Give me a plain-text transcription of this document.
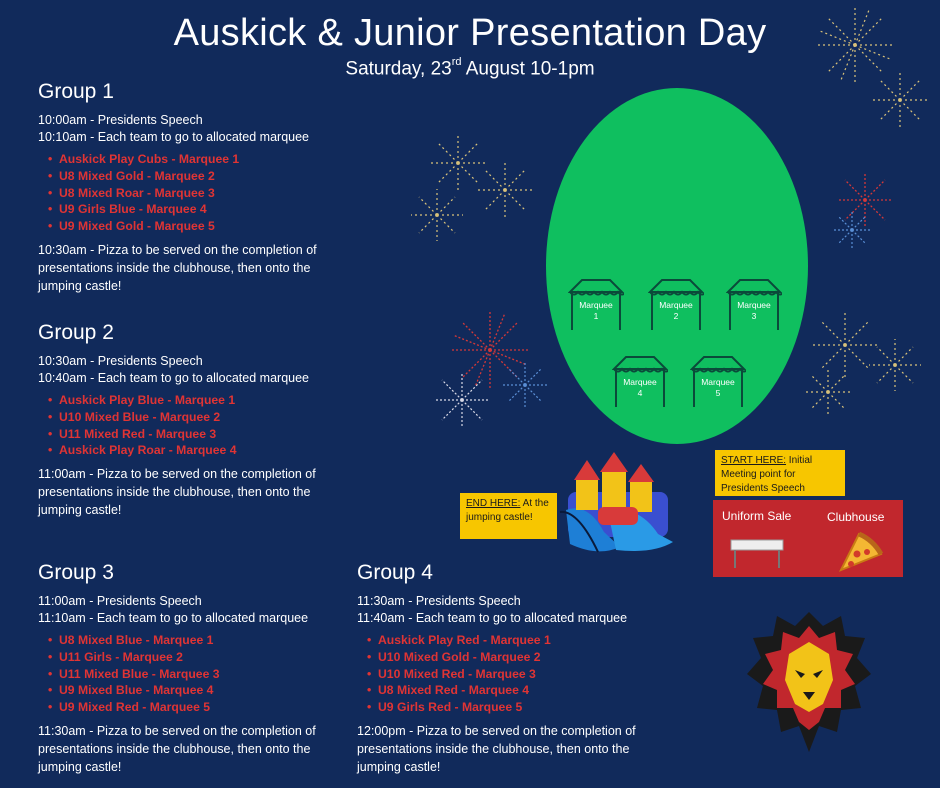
Auskick & Junior Presentation Day
Saturday, 23rd August 10-1pm
Group 1
10:00am - Presidents Speech
10:10am - Each team to go to allocated marquee
• Auskick Play Cubs - Marquee 1
• U8 Mixed Gold - Marquee 2
• U8 Mixed Roar - Marquee 3
• U9 Girls Blue - Marquee 4
• U9 Mixed Gold - Marquee 5
10:30am - Pizza to be served on the completion of presentations inside the clubhouse, then onto the jumping castle!
Group 2
10:30am - Presidents Speech
10:40am - Each team to go to allocated marquee
• Auskick Play Blue - Marquee 1
• U10 Mixed Blue - Marquee 2
• U11 Mixed Red - Marquee 3
• Auskick Play Roar - Marquee 4
11:00am - Pizza to be served on the completion of presentations inside the clubhouse, then onto the jumping castle!
Group 3
11:00am - Presidents Speech
11:10am - Each team to go to allocated marquee
• U8 Mixed Blue - Marquee 1
• U11 Girls - Marquee 2
• U11 Mixed Blue - Marquee 3
• U9 Mixed Blue - Marquee 4
• U9 Mixed Red - Marquee 5
11:30am - Pizza to be served on the completion of presentations inside the clubhouse, then onto the jumping castle!
Group 4
11:30am - Presidents Speech
11:40am - Each team to go to allocated marquee
• Auskick Play Red - Marquee 1
• U10 Mixed Gold - Marquee 2
• U10 Mixed Red - Marquee 3
• U8 Mixed Red - Marquee 4
• U9 Girls Red - Marquee 5
12:00pm - Pizza to be served on the completion of presentations inside the clubhouse, then onto the jumping castle!
Marquee
1
Marquee
2
Marquee
3
Marquee
4
Marquee
5
START HERE: Initial Meeting point for Presidents Speech
END HERE: At the jumping castle!	Uniform Sale	Clubhouse
